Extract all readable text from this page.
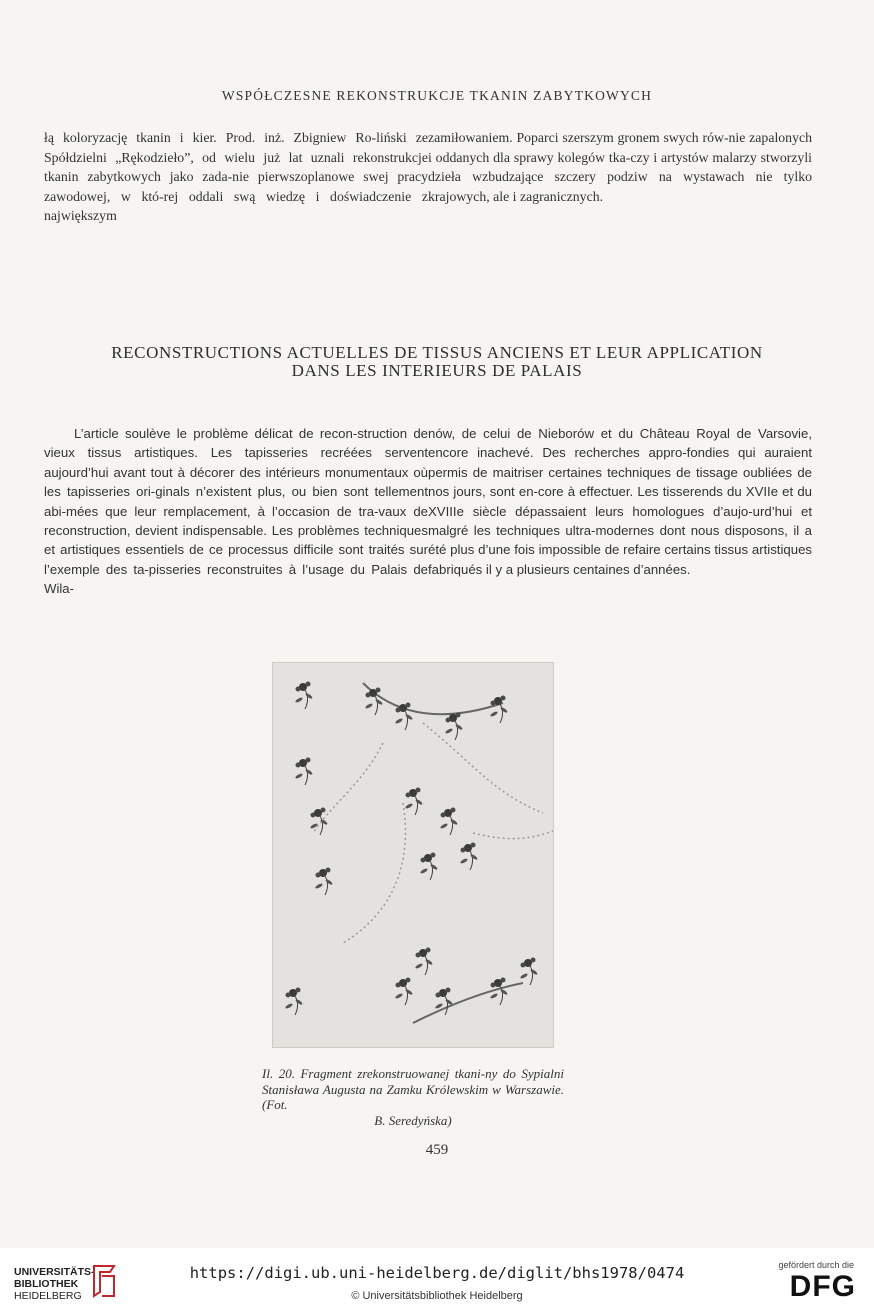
WSPÓŁCZESNE REKONSTRUKCJE TKANIN ZABYTKOWYCH
łą koloryzację tkanin i kier. Prod. inż. Zbigniew Ro-liński ze Spółdzielni „Rękodzieło”, od wielu już lat uznali rekonstrukcje tkanin zabytkowych jako zada-nie pierwszoplanowe swej pracy zawodowej, w któ-rej oddali swą wiedzę i doświadczenie z największym
zamiłowaniem. Poparci szerszym gronem swych rów-nie zapalonych i oddanych dla sprawy kolegów tka-czy i artystów malarzy stworzyli dzieła wzbudzające szczery podziw na wystawach nie tylko krajowych, ale i zagranicznych.
RECONSTRUCTIONS ACTUELLES DE TISSUS ANCIENS ET LEUR APPLICATION
DANS LES INTERIEURS DE PALAIS
L’article soulève le problème délicat de recon-struction de vieux tissus artistiques. Les tapisseries recréées servent aujourd’hui avant tout à décorer des intérieurs monumentaux où les tapisseries ori-ginals n’existent plus, ou bien sont tellement abi-mées que leur remplacement, à l’occasion de tra-vaux de reconstruction, devient indispensable. Les problèmes techniques et artistiques essentiels de ce processus difficile sont traités sur l’exemple des ta-pisseries reconstruites à l’usage du Palais de Wila-
nów, de celui de Nieborów et du Château Royal de Varsovie, encore inachevé. Des recherches appro-fondies qui auraient permis de maitriser certaines techniques de tissage oubliées de nos jours, sont en-core à effectuer. Les tisserends du XVIIe et du XVIIIe siècle dépassaient leurs homologues d’aujo-urd’hui et malgré les techniques ultra-modernes dont nous disposons, il a été plus d’une fois impossible de refaire certains tissus artistiques fabriqués il y a plusieurs centaines d’années.
Il. 20. Fragment zrekonstruowanej tkani-ny do Sypialni Stanisława Augusta na Zamku Królewskim w Warszawie. (Fot.
B. Seredyńska)
459
UNIVERSITÄTS-
BIBLIOTHEK
HEIDELBERG
https://digi.ub.uni-heidelberg.de/diglit/bhs1978/0474
© Universitätsbibliothek Heidelberg
gefördert durch die
DFG
